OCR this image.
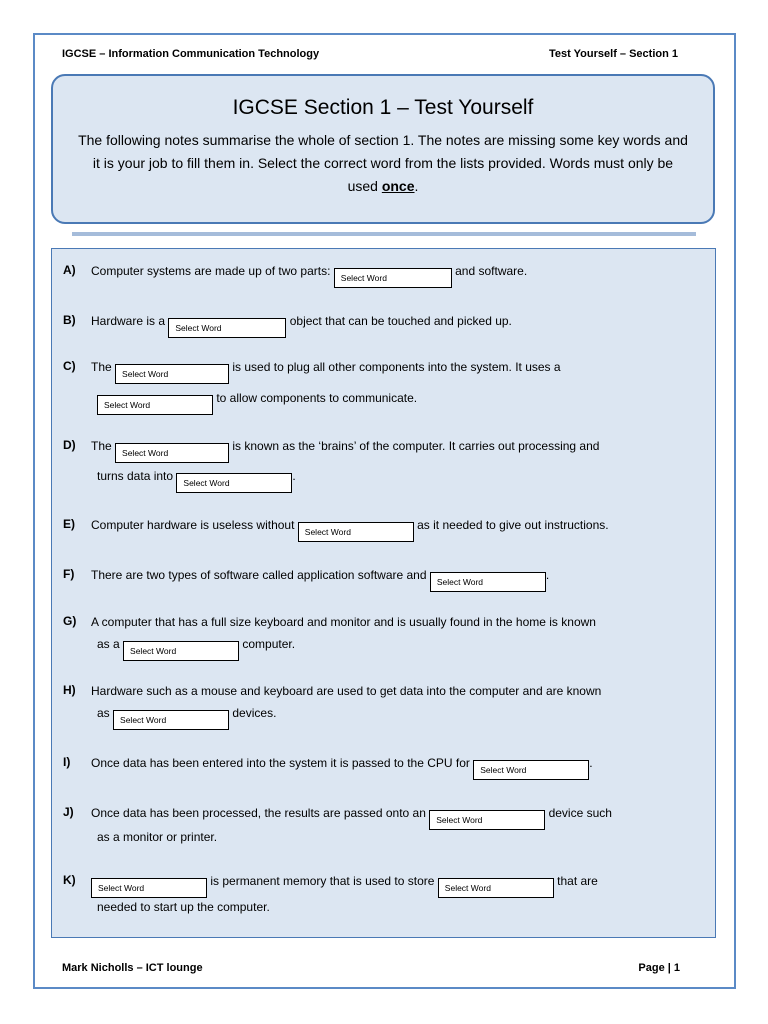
IGCSE – Information Communication Technology	Test Yourself – Section 1
IGCSE Section 1 – Test Yourself
The following notes summarise the whole of section 1. The notes are missing some key words and it is your job to fill them in. Select the correct word from the lists provided. Words must only be used once.
A) Computer systems are made up of two parts: Select Word	and software.
B) Hardware is a Select Word	object that can be touched and picked up.
C) The Select Word	is used to plug all other components into the system. It uses a
Select Word	to allow components to communicate.
D) The Select Word	is known as the ‘brains’ of the computer. It carries out processing and
turns data into Select Word	.
E) Computer hardware is useless without Select Word	as it needed to give out instructions.
F) There are two types of software called application software and Select Word	.
G) A computer that has a full size keyboard and monitor and is usually found in the home is known
as a Select Word	computer.
H) Hardware such as a mouse and keyboard are used to get data into the computer and are known
as Select Word	devices.
I) Once data has been entered into the system it is passed to the CPU for Select Word	.
J) Once data has been processed, the results are passed onto an Select Word	device such
as a monitor or printer.
K)
Select Word	is permanent memory that is used to store Select Word	that are
needed to start up the computer.
Mark Nicholls – ICT lounge	Page | 1
